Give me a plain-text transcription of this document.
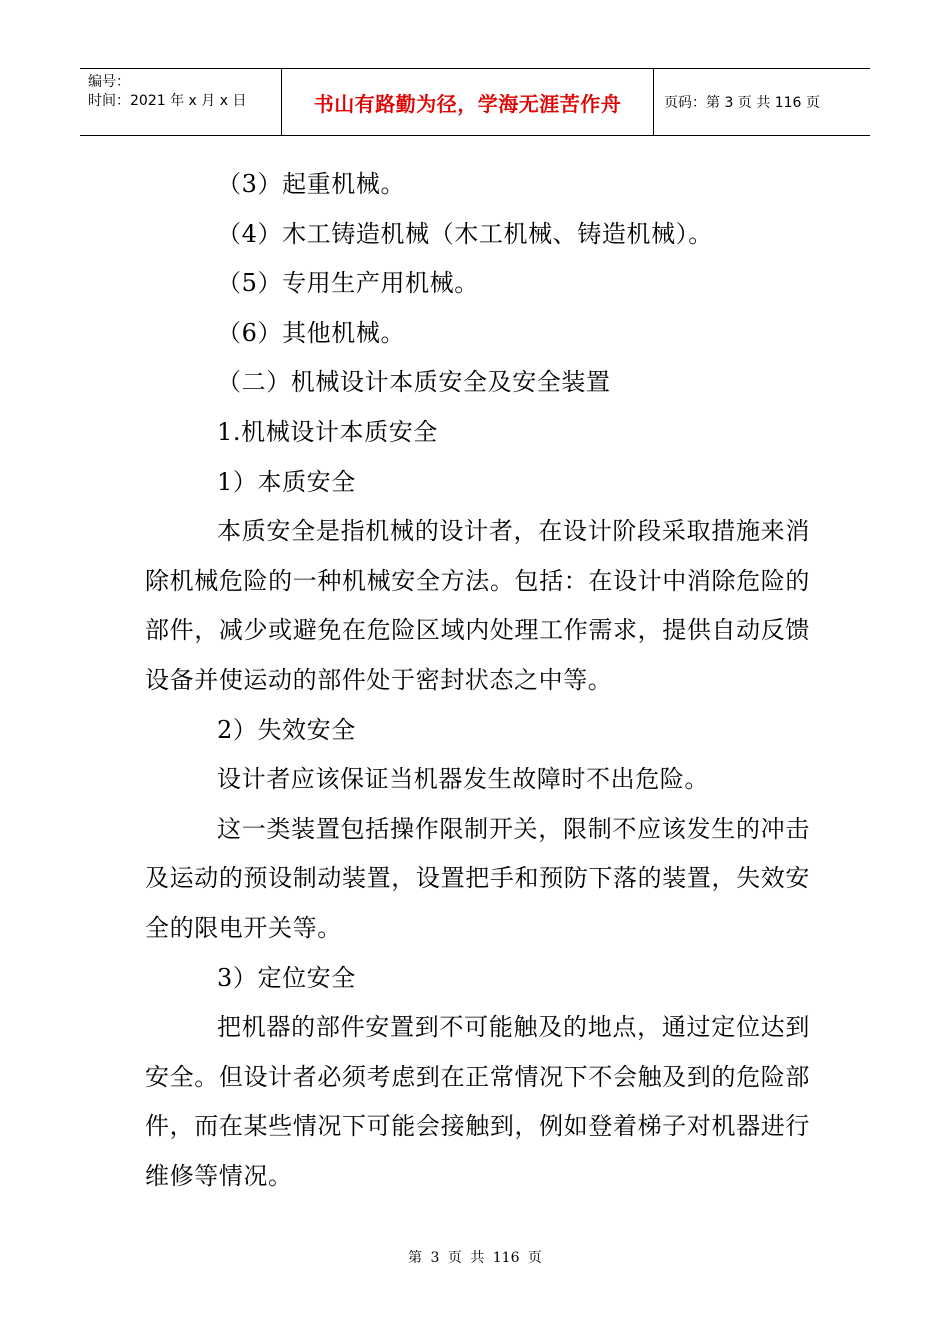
编号：
时间：2021 年 x 月 x 日	书山有路勤为径，学海无涯苦作舟	页码：第 3 页 共 116 页

（3）起重机械。

（4）木工铸造机械（木工机械、铸造机械）。

（5）专用生产用机械。

（6）其他机械。

（二）机械设计本质安全及安全装置

1.机械设计本质安全

1）本质安全

本质安全是指机械的设计者，在设计阶段采取措施来消除机械危险的一种机械安全方法。包括：在设计中消除危险的部件，减少或避免在危险区域内处理工作需求，提供自动反馈设备并使运动的部件处于密封状态之中等。

2）失效安全

设计者应该保证当机器发生故障时不出危险。

这一类装置包括操作限制开关，限制不应该发生的冲击及运动的预设制动装置，设置把手和预防下落的装置，失效安全的限电开关等。

3）定位安全

把机器的部件安置到不可能触及的地点，通过定位达到安全。但设计者必须考虑到在正常情况下不会触及到的危险部件，而在某些情况下可能会接触到，例如登着梯子对机器进行维修等情况。

第 3 页 共 116 页
